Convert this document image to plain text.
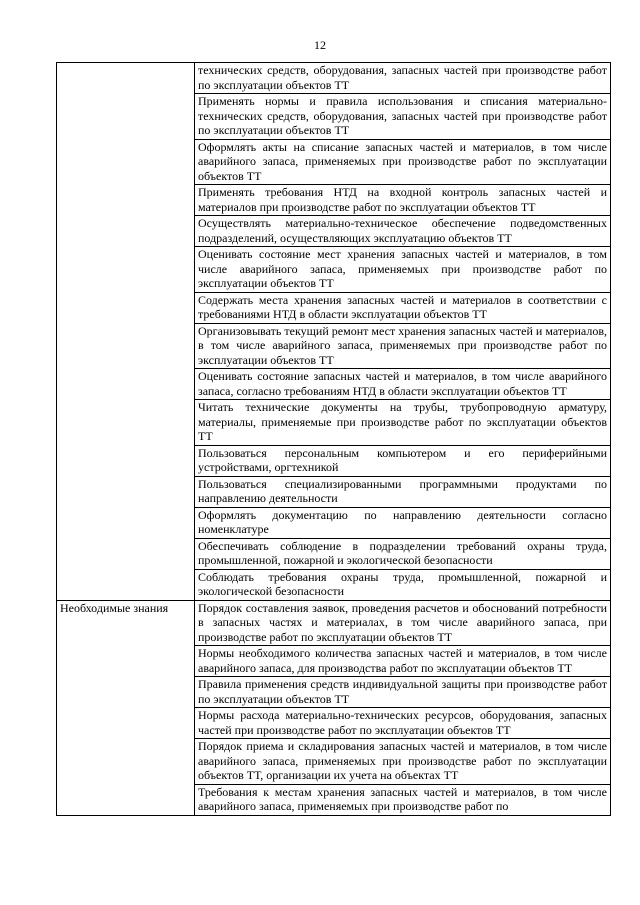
12
	технических средств, оборудования, запасных частей при производстве работ по эксплуатации объектов ТТ
	Применять нормы и правила использования и списания материально-технических средств, оборудования, запасных частей при производстве работ по эксплуатации объектов ТТ
	Оформлять акты на списание запасных частей и материалов, в том числе аварийного запаса, применяемых при производстве работ по эксплуатации объектов ТТ
	Применять требования НТД на входной контроль запасных частей и материалов при производстве работ по эксплуатации объектов ТТ
	Осуществлять материально-техническое обеспечение подведомственных подразделений, осуществляющих эксплуатацию объектов ТТ
	Оценивать состояние мест хранения запасных частей и материалов, в том числе аварийного запаса, применяемых при производстве работ по эксплуатации объектов ТТ
	Содержать места хранения запасных частей и материалов в соответствии с требованиями НТД в области эксплуатации объектов ТТ
	Организовывать текущий ремонт мест хранения запасных частей и материалов, в том числе аварийного запаса, применяемых при производстве работ по эксплуатации объектов ТТ
	Оценивать состояние запасных частей и материалов, в том числе аварийного запаса, согласно требованиям НТД в области эксплуатации объектов ТТ
	Читать технические документы на трубы, трубопроводную арматуру, материалы, применяемые при производстве работ по эксплуатации объектов ТТ
	Пользоваться персональным компьютером и его периферийными устройствами, оргтехникой
	Пользоваться специализированными программными продуктами по направлению деятельности
	Оформлять документацию по направлению деятельности согласно номенклатуре
	Обеспечивать соблюдение в подразделении требований охраны труда, промышленной, пожарной и экологической безопасности
	Соблюдать требования охраны труда, промышленной, пожарной и экологической безопасности
Необходимые знания	Порядок составления заявок, проведения расчетов и обоснований потребности в запасных частях и материалах, в том числе аварийного запаса, при производстве работ по эксплуатации объектов ТТ
	Нормы необходимого количества запасных частей и материалов, в том числе аварийного запаса, для производства работ по эксплуатации объектов ТТ
	Правила применения средств индивидуальной защиты при производстве работ по эксплуатации объектов ТТ
	Нормы расхода материально-технических ресурсов, оборудования, запасных частей при производстве работ по эксплуатации объектов ТТ
	Порядок приема и складирования запасных частей и материалов, в том числе аварийного запаса, применяемых при производстве работ по эксплуатации объектов ТТ, организации их учета на объектах ТТ
	Требования к местам хранения запасных частей и материалов, в том числе аварийного запаса, применяемых при производстве работ по
